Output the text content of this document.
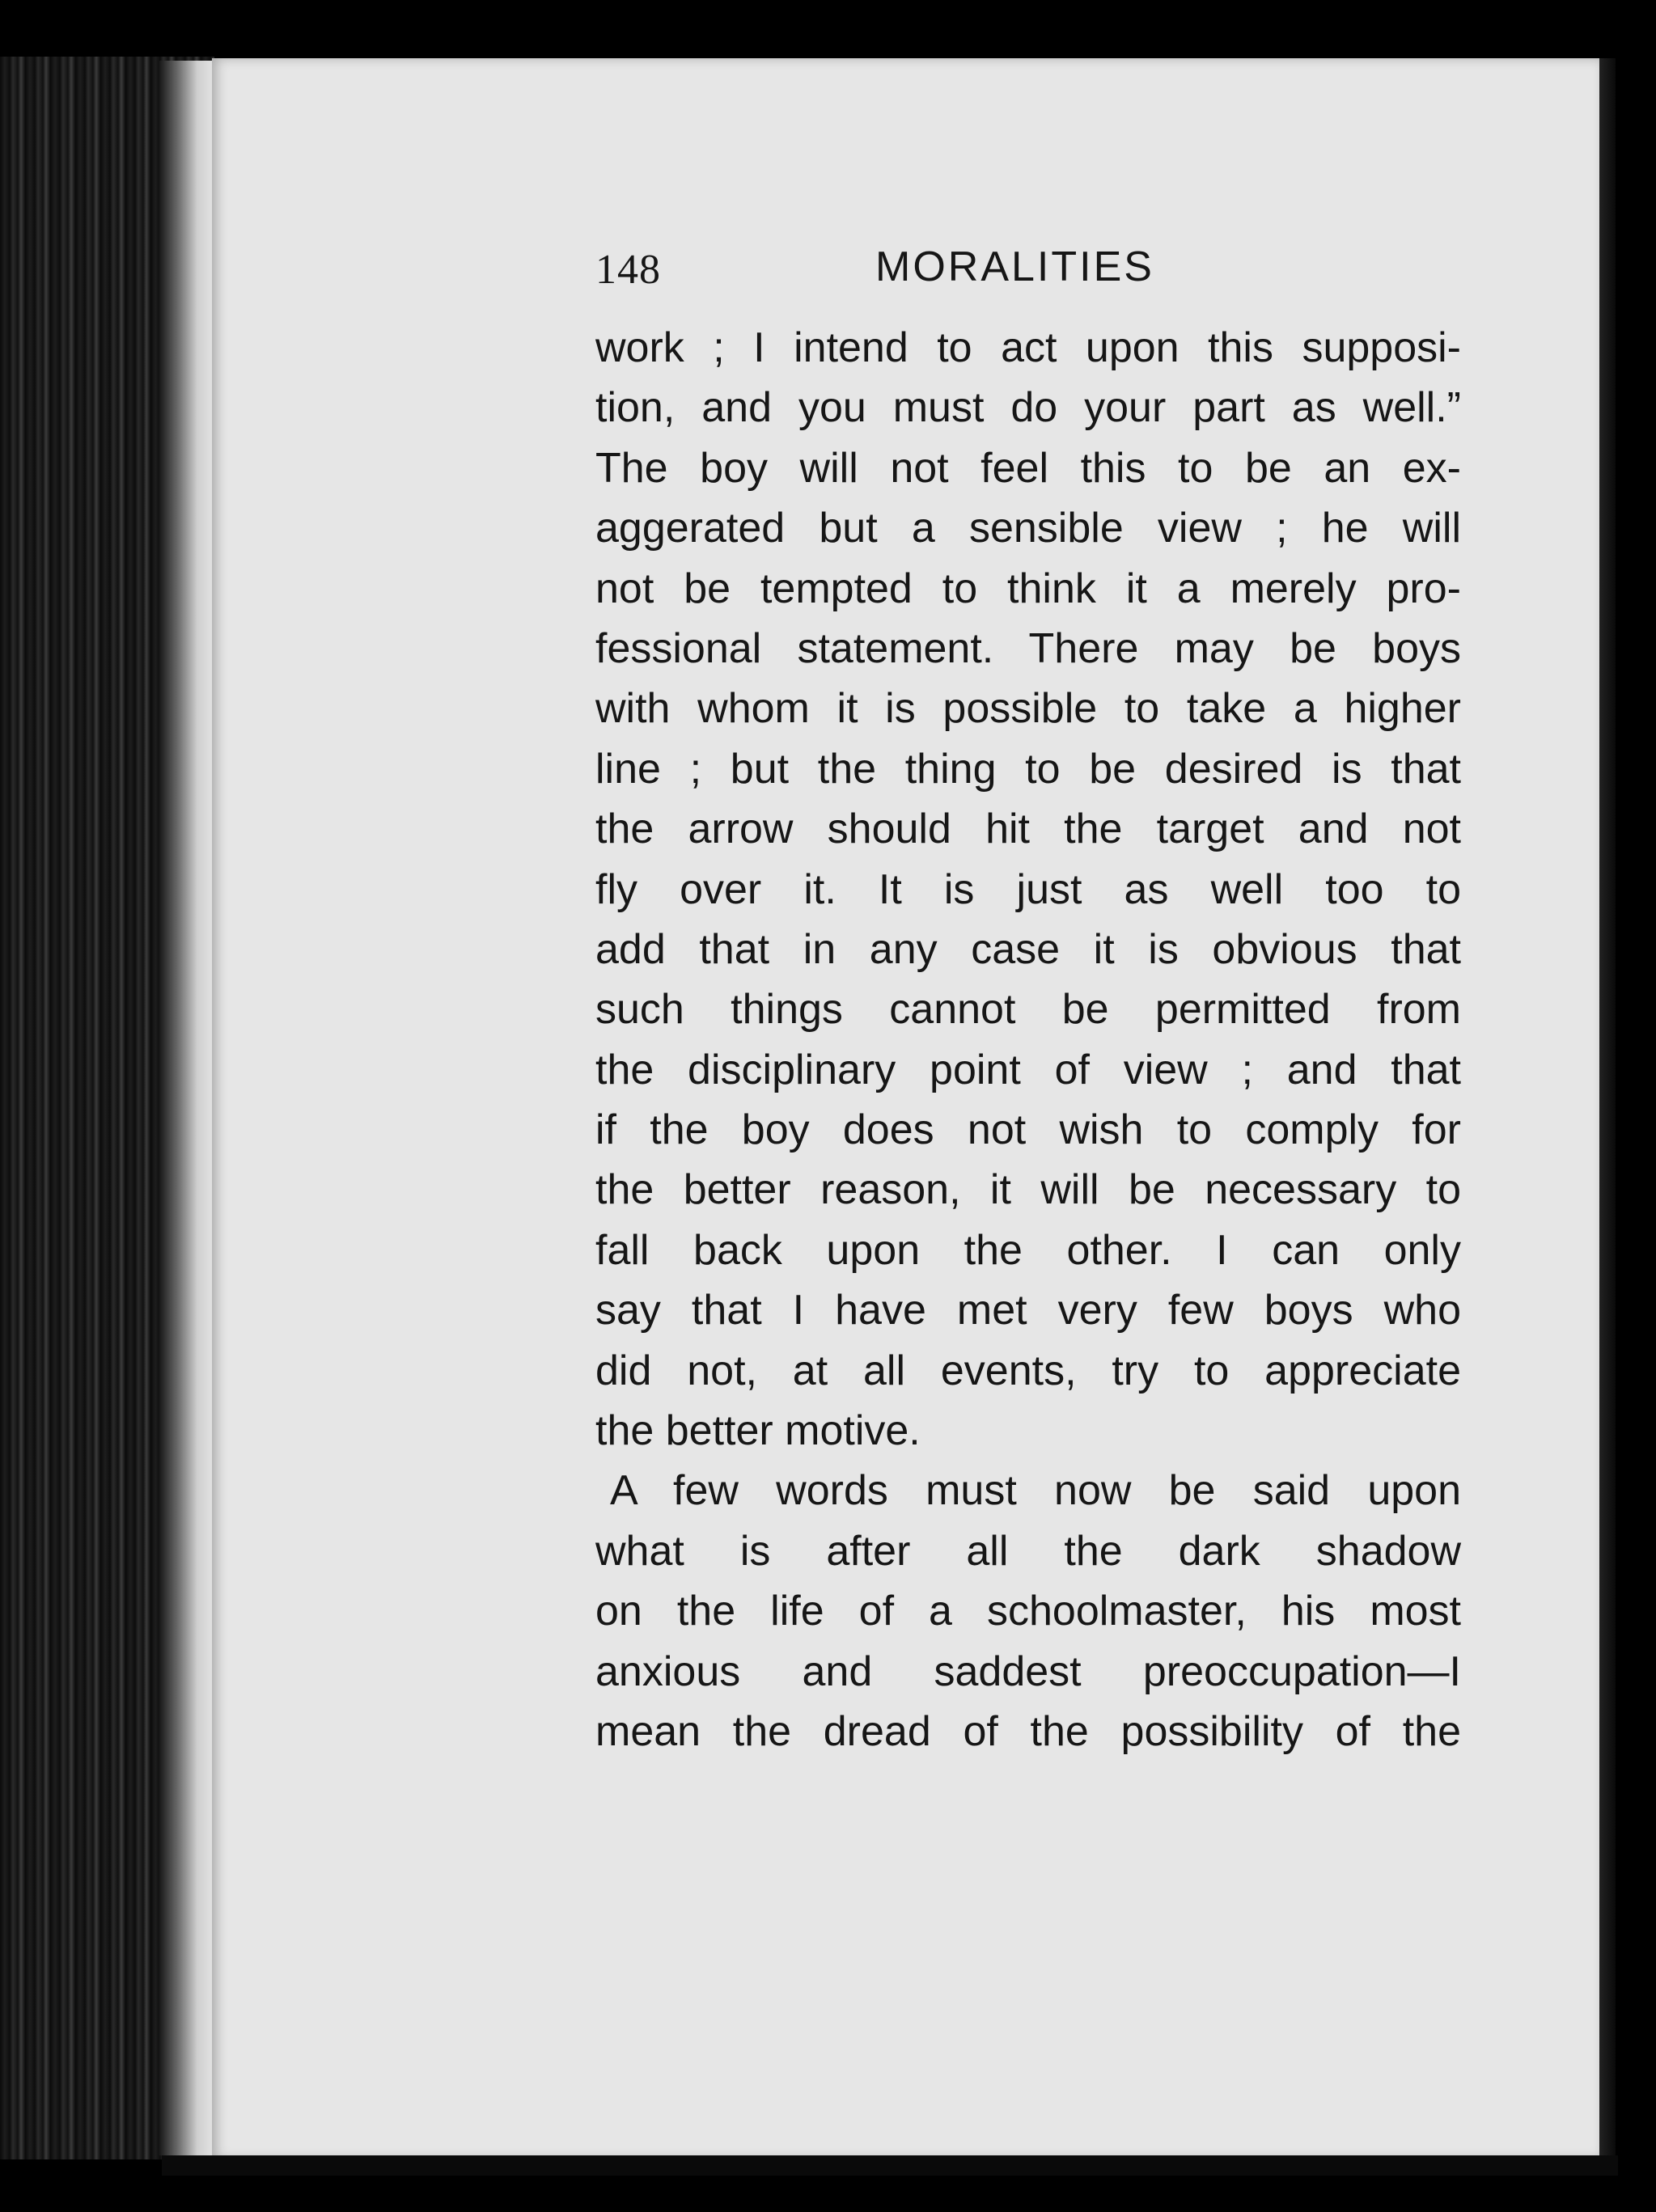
148	MORALITIES
work ; I intend to act upon this supposi-
tion, and you must do your part as well.”
The boy will not feel this to be an ex-
aggerated but a sensible view ; he will
not be tempted to think it a merely pro-
fessional statement. There may be boys
with whom it is possible to take a higher
line ; but the thing to be desired is that
the arrow should hit the target and not
fly over it. It is just as well too to
add that in any case it is obvious that
such things cannot be permitted from
the disciplinary point of view ; and that
if the boy does not wish to comply for
the better reason, it will be necessary to
fall back upon the other. I can only
say that I have met very few boys who
did not, at all events, try to appreciate
the better motive.
A few words must now be said upon
what is after all the dark shadow
on the life of a schoolmaster, his most
anxious and saddest preoccupation—I
mean the dread of the possibility of the
